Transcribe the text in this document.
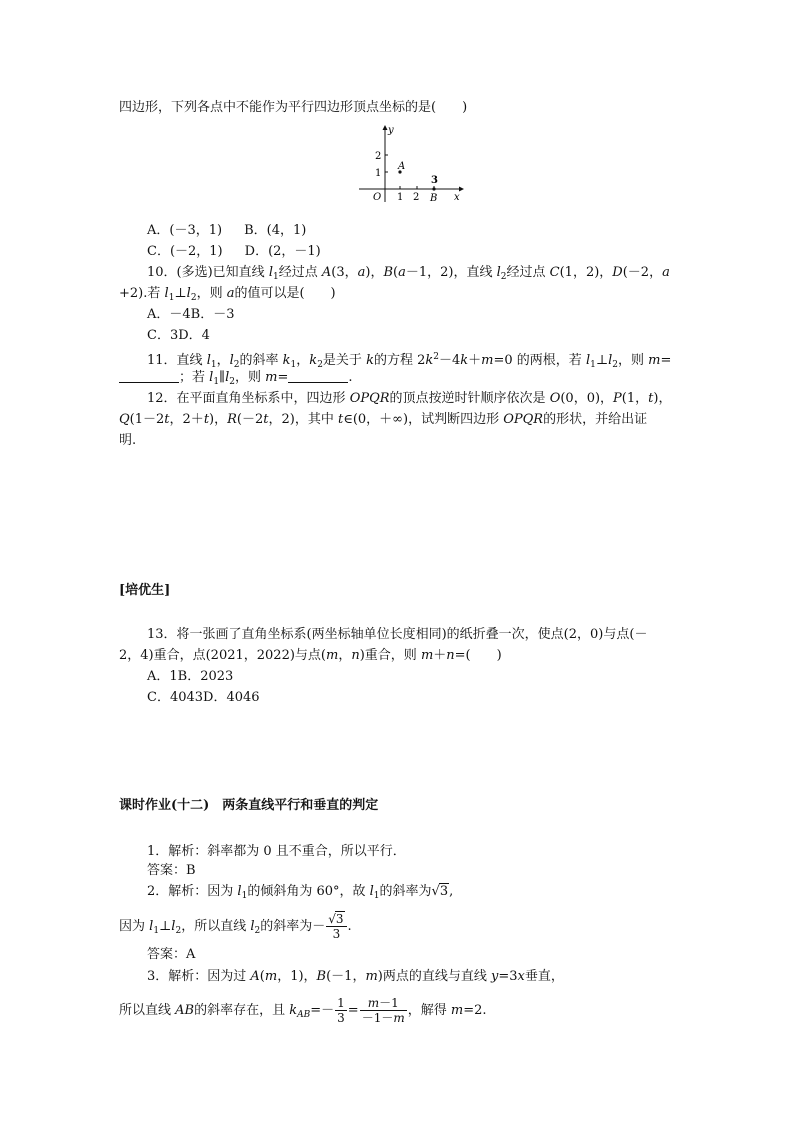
四边形，下列各点中不能作为平行四边形顶点坐标的是(　　)
y
x
O
2
1
1 2
3
A
B
A．(－3，1) B．(4，1)
C．(－2，1) D．(2，－1)
10．(多选)已知直线 $l_1$经过点 A(3，a)，B(a－1，2)，直线 $l_2$经过点 C(1，2)，D(－2，a
+2).若 $l_1\perp l_2$，则 a的值可以是(　　)
A．－4B．－3
C．3D．4
11．直线 $l_1$，$l_2$的斜率 $k_1$，$k_2$是关于 k的方程 $2k^2-4k+m=0$ 的两根，若 $l_1\perp l_2$，则 m=
；若 $l_1\parallel l_2$，则 m=	.
12．在平面直角坐标系中，四边形 OPQR的顶点按逆时针顺序依次是 O(0，0)，P(1，t)，
Q(1－2t，2＋t)，R(－2t，2)，其中 t∈(0，＋∞)，试判断四边形 OPQR的形状，并给出证
明.
[培优生]
13．将一张画了直角坐标系(两坐标轴单位长度相同)的纸折叠一次，使点(2，0)与点(－
2，4)重合，点(2021，2022)与点(m，n)重合，则 m＋n=(　　)
A．1B．2023
C．4043D．4046
课时作业(十二)　两条直线平行和垂直的判定
1．解析：斜率都为 0 且不重合，所以平行．
答案：B
2．解析：因为 $l_1$的倾斜角为 60°，故 $l_1$的斜率为√3,
因为 $l_1\perp l_2$，所以直线 $l_2$的斜率为－ $\frac{√3}{3}$ .
答案：A
3．解析：因为过 A(m，1)，B(－1，m)两点的直线与直线 y=3x垂直，
所以直线 AB的斜率存在，且 $k_{AB}=- \frac{1}{3} = \frac{m-1}{-1-m}$ ，解得 m=2.
